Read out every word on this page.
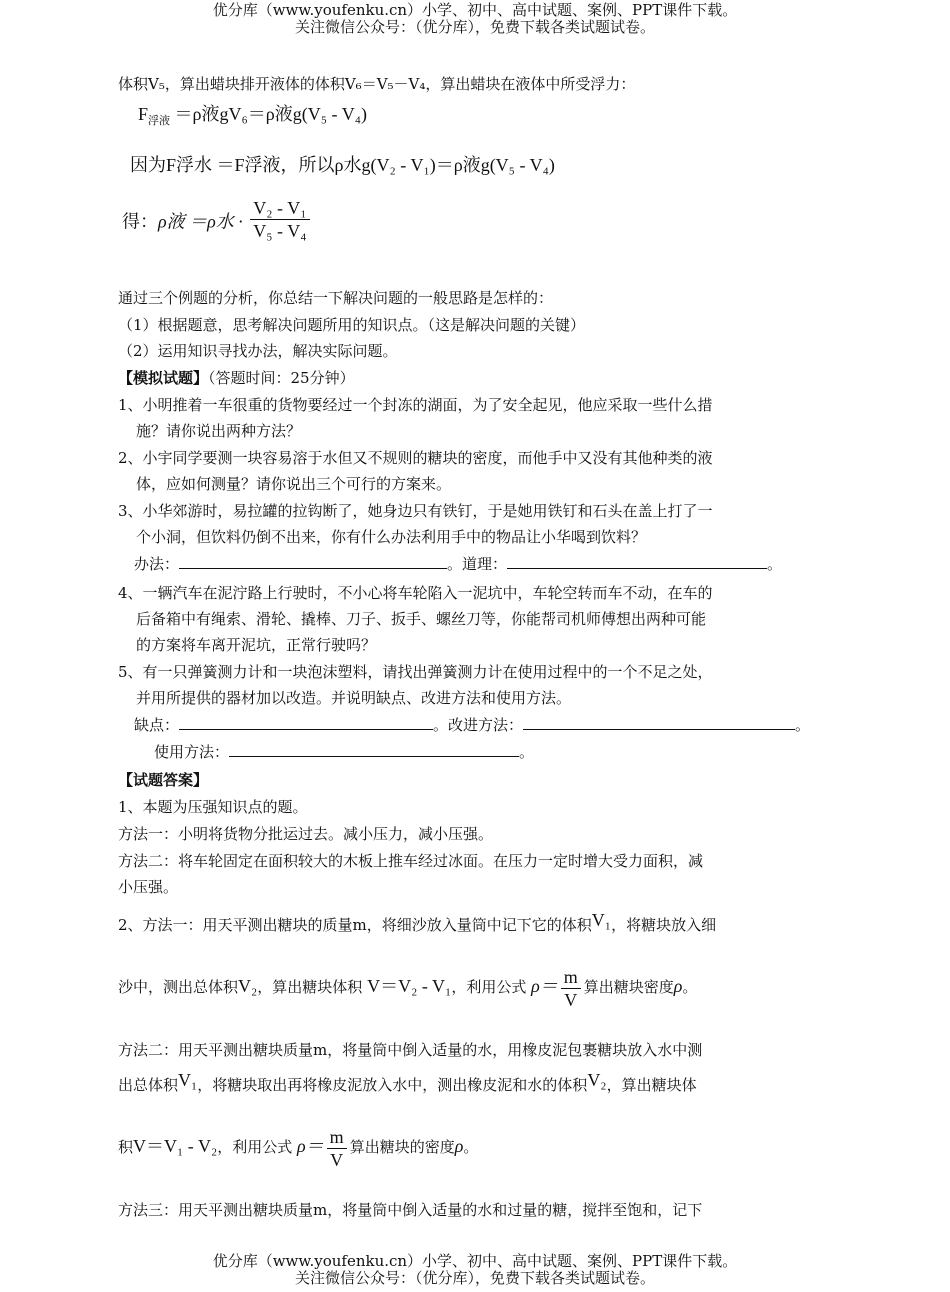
优分库（www.youfenku.cn）小学、初中、高中试题、案例、PPT课件下载。
关注微信公众号：（优分库），免费下载各类试题试卷。
体积V₅，算出蜡块排开液体的体积V₆＝V₅－V₄，算出蜡块在液体中所受浮力：
$F_{浮液} =\rho$液gV₆＝ρ液g(V₅ - V₄)
因为F浮水 ＝F浮液，所以ρ水g(V₂ - V₁)＝ρ液g(V₅ - V₄)
得：ρ液 ＝ρ水 · $\frac{\text{V₂ - V₁}}{\text{V₅ - V₄}}$
通过三个例题的分析，你总结一下解决问题的一般思路是怎样的：
（1）根据题意，思考解决问题所用的知识点。（这是解决问题的关键）
（2）运用知识寻找办法，解决实际问题。
【模拟试题】（答题时间：25分钟）
1、小明推着一车很重的货物要经过一个封冻的湖面，为了安全起见，他应采取一些什么措
施？请你说出两种方法？
2、小宇同学要测一块容易溶于水但又不规则的糖块的密度，而他手中又没有其他种类的液
体，应如何测量？请你说出三个可行的方案来。
3、小华郊游时，易拉罐的拉钩断了，她身边只有铁钉，于是她用铁钉和石头在盖上打了一
个小洞，但饮料仍倒不出来，你有什么办法利用手中的物品让小华喝到饮料？
办法：	。道理：	。
4、一辆汽车在泥泞路上行驶时，不小心将车轮陷入一泥坑中，车轮空转而车不动，在车的
后备箱中有绳索、滑轮、撬棒、刀子、扳手、螺丝刀等，你能帮司机师傅想出两种可能
的方案将车离开泥坑，正常行驶吗？
5、有一只弹簧测力计和一块泡沫塑料，请找出弹簧测力计在使用过程中的一个不足之处，
并用所提供的器材加以改造。并说明缺点、改进方法和使用方法。
缺点：	。改进方法：	。
使用方法：	。
【试题答案】
1、本题为压强知识点的题。
方法一：小明将货物分批运过去。减小压力，减小压强。
方法二：将车轮固定在面积较大的木板上推车经过冰面。在压力一定时增大受力面积，减
小压强。
2、方法一：用天平测出糖块的质量m，将细沙放入量筒中记下它的体积V₁，将糖块放入细
沙中，测出总体积V₂，算出糖块体积 V＝V₂ - V₁，利用公式 $\rho= \frac{m}{V}$ 算出糖块密度ρ。
方法二：用天平测出糖块质量m，将量筒中倒入适量的水，用橡皮泥包裹糖块放入水中测
出总体积V₁，将糖块取出再将橡皮泥放入水中，测出橡皮泥和水的体积V₂，算出糖块体
积V＝V₁ - V₂，利用公式 $\rho= \frac{m}{V}$ 算出糖块的密度ρ。
方法三：用天平测出糖块质量m，将量筒中倒入适量的水和过量的糖，搅拌至饱和，记下
优分库（www.youfenku.cn）小学、初中、高中试题、案例、PPT课件下载。
关注微信公众号：（优分库），免费下载各类试题试卷。
